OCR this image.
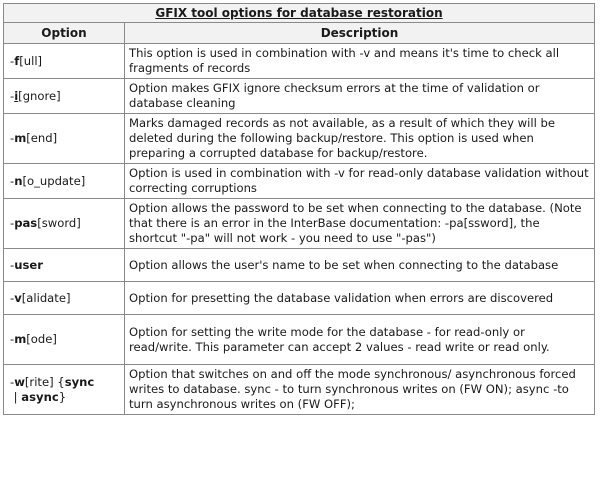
GFIX tool options for database restoration	
Option	Description
-f[ull]	This option is used in combination with -v and means it's time to check all fragments of records
-i[gnore]	Option makes GFIX ignore checksum errors at the time of validation or database cleaning
-m[end]	Marks damaged records as not available, as a result of which they will be deleted during the following backup/restore. This option is used when preparing a corrupted database for backup/restore.
-n[o_update]	Option is used in combination with -v for read-only database validation without correcting corruptions
-pas[sword]	Option allows the password to be set when connecting to the database. (Note that there is an error in the InterBase documentation: -pa[ssword], the shortcut "-pa" will not work - you need to use "-pas")
-user	Option allows the user's name to be set when connecting to the database
-v[alidate]	Option for presetting the database validation when errors are discovered
-m[ode]	Option for setting the write mode for the database - for read-only or read/write. This parameter can accept 2 values - read write or read only.
-w[rite] {sync
| async}	Option that switches on and off the mode synchronous/ asynchronous forced writes to database. sync - to turn synchronous writes on (FW ON); async -to turn asynchronous writes on (FW OFF);
